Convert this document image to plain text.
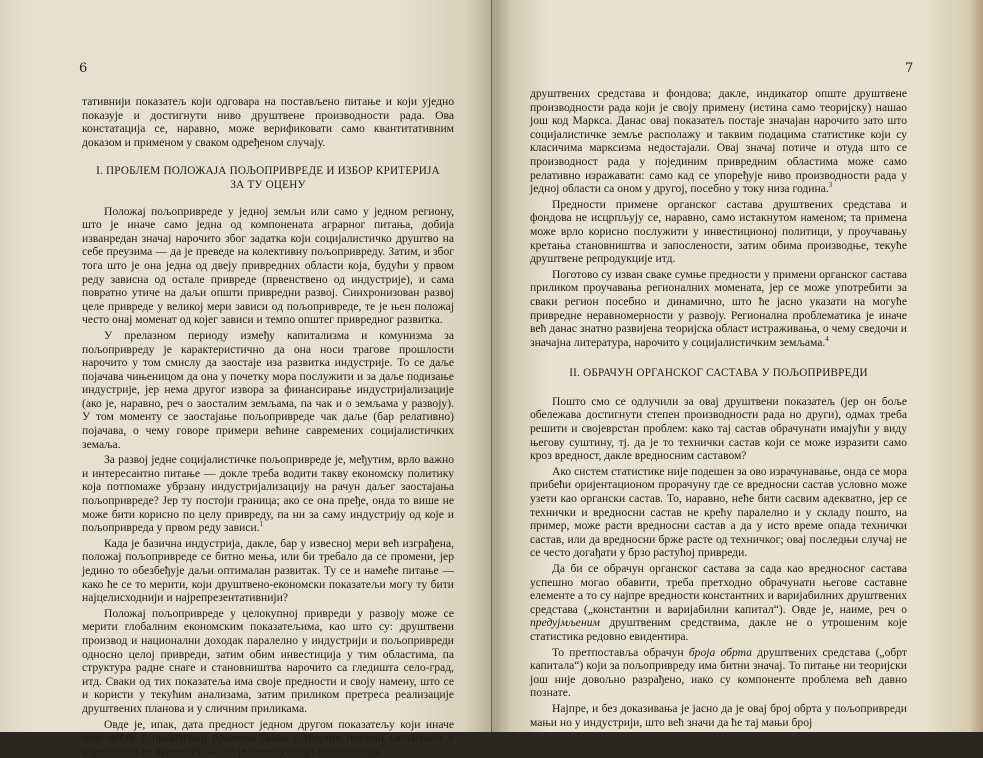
6

тативнији показатељ који одговара на постављено питање и који уједно показује и достигнути ниво друштвене производности рада. Ова констатација се, наравно, може верификовати само квантитативним доказом и применом у сваком одређеном случају.

I. ПРОБЛЕМ ПОЛОЖАЈА ПОЉОПРИВРЕДЕ И ИЗБОР КРИТЕРИЈА
ЗА ТУ ОЦЕНУ

Положај пољопривреде у једној земљи или само у једном региону, што је иначе само једна од компонената аграрног питања, добија изванредан значај нарочито због задатка који социјалистичко друштво на себе преузима — да је преведе на колективну пољопривреду. Затим, и због тога што је она једна од двеју привредних области која, будући у првом реду зависна од остале привреде (првенствено од индустрије), и сама повратно утиче на даљи општи привредни развој. Синхронизован развој целе привреде у великој мери зависи од пољопривреде, те је њен положај често онај моменат од којег зависи и темпо општег привредног развитка.

У прелазном периоду између капитализма и комунизма за пољопривреду је карактеристично да она носи трагове прошлости нарочито у том смислу да заостаје иза развитка индустрије. То се даље појачава чињеницом да она у почетку мора послужити и за даље подизање индустрије, јер нема другог извора за финансирање индустријализације (ако је, наравно, реч о заосталим земљама, па чак и о земљама у развоју). У том моменту се заостајање пољопривреде чак даље (бар релативно) појачава, о чему говоре примери већине савремених социјалистичких земаља.

За развој једне социјалистичке пољопривреде је, међутим, врло важно и интересантно питање — докле треба водити такву економску политику која потпомаже убрзану индустријализацију на рачун даљег заостајања пољопривреде? Јер ту постоји граница; ако се она пређе, онда то више не може бити корисно по целу привреду, па ни за саму индустрију од које и пољопривреда у првом реду зависи.$^1$

Када је базична индустрија, дакле, бар у извесној мери већ изграђена, положај пољопривреде се битно мења, или би требало да се промени, јер једино то обезбеђује даљи оптималан развитак. Ту се и намеће питање — како ће се то мерити, који друштвено-економски показатељи могу ту бити најцелисходнији и најрепрезентативнији?

Положај пољопривреде у целокупној привреди у развоју може се мерити глобалним економским показатељима, као што су: друштвени производ и национални доходак паралелно у индустрији и пољопривреди односно целој привреди, затим обим инвестиција у тим областима, па структура радне снаге и становништва нарочито са гледишта село-град, итд. Сваки од тих показатеља има своје предности и своју намену, што се и користи у текућим анализама, затим приликом претреса реализације друштвених планова и у сличним приликама.

Овде је, ипак, дата предност једном другом показатељу који иначе није често у практичној примени (иако у теорији постоји сагласност о корисности те примене),$^2$ — то је поменути органски састав

7

друштвених средстава и фондова; дакле, индикатор опште друштвене производности рада који је своју примену (истина само теоријску) нашао још код Маркса. Данас овај показатељ постаје значајан нарочито зато што социјалистичке земље располажу и таквим подацима статистике који су класичима марксизма недостајали. Овај значај потиче и отуда што се производност рада у појединим привредним областима може само релативно изражавати: само кад се упоређује ниво производности рада у једној области са оном у другој, посебно у току низа година.$^3$

Предности примене органског састава друштвених средстава и фондова не исцрпљују се, наравно, само истакнутом наменом; та примена може врло корисно послужити у инвестиционој политици, у проучавању кретања становништва и запослености, затим обима производње, текуће друштвене репродукције итд.

Поготово су изван сваке сумње предности у примени органског састава приликом проучавања регионалних момената, јер се може употребити за сваки регион посебно и динамично, што ће јасно указати на могуће привредне неравномерности у развоју. Регионална проблематика је иначе већ данас знатно развијена теоријска област истраживања, о чему сведочи и значајна литература, нарочито у социјалистичким земљама.$^4$

II. ОБРАЧУН ОРГАНСКОГ САСТАВА У ПОЉОПРИВРЕДИ

Пошто смо се одлучили за овај друштвени показатељ (јер он боље обележава достигнути степен производности рада но други), одмах треба решити и својеврстан проблем: како тај састав обрачунати имајући у виду његову суштину, тј. да је то технички састав који се може изразити само кроз вредност, дакле вредносним саставом?

Ако систем статистике није подешен за ово израчунавање, онда се мора прибећи оријентационом прорачуну где се вредносни састав условно може узети као органски састав. То, наравно, неће бити сасвим адекватно, јер се технички и вредносни састав не крећу паралелно и у складу пошто, на пример, може расти вредносни састав а да у исто време опада технички састав, или да вредносни брже расте од техничког; овај последњи случај не се често догађати у брзо растућој привреди.

Да би се обрачун органског састава за сада као вредносног састава успешно могао обавити, треба претходно обрачунати његове саставне елементе а то су најпре вредности константних и варијабилних друштвених средстава („константни и варијабилни капитал“). Овде је, наиме, реч о предујмљеним друштвеним средствима, дакле не о утрошеним које статистика редовно евидентира.

То претпоставља обрачун броја обрта друштвених средстава („обрт капитала“) који за пољопривреду има битни значај. То питање ни теоријски још није довољно разрађено, иако су компоненте проблема већ давно познате.

Најпре, и без доказивања је јасно да је овај број обрта у пољопривреди мањи но у индустрији, што већ значи да ће тај мањи број
